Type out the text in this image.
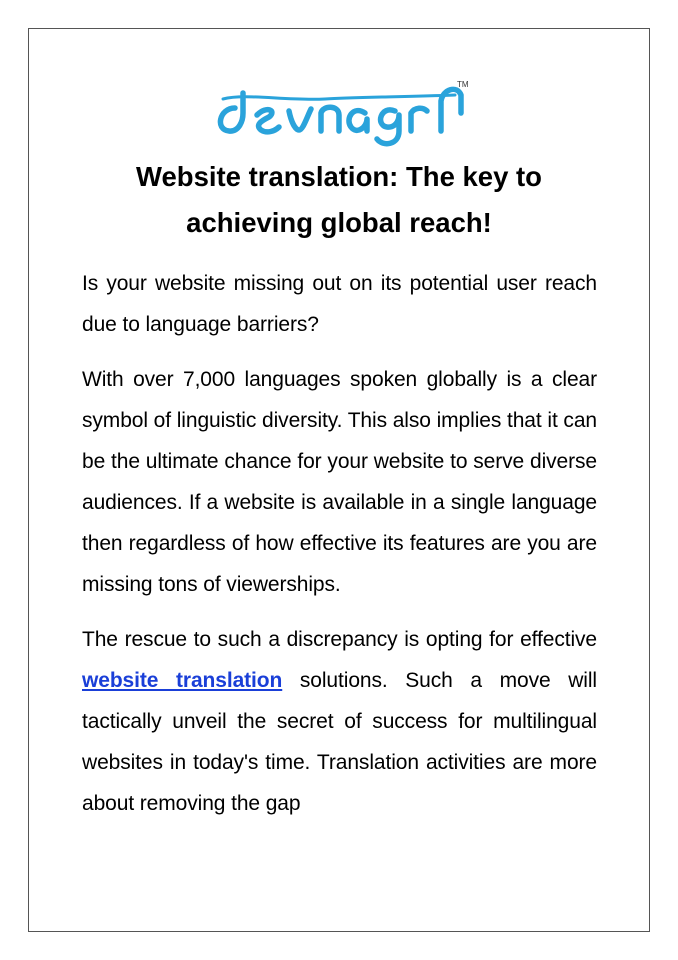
TM
Website translation: The key to
achieving global reach!

Is your website missing out on its potential user reach due to language barriers?

With over 7,000 languages spoken globally is a clear symbol of linguistic diversity. This also implies that it can be the ultimate chance for your website to serve diverse audiences. If a website is available in a single language then regardless of how effective its features are you are missing tons of viewerships.

The rescue to such a discrepancy is opting for effective website translation solutions. Such a move will tactically unveil the secret of success for multilingual websites in today's time. Translation activities are more about removing the gap
